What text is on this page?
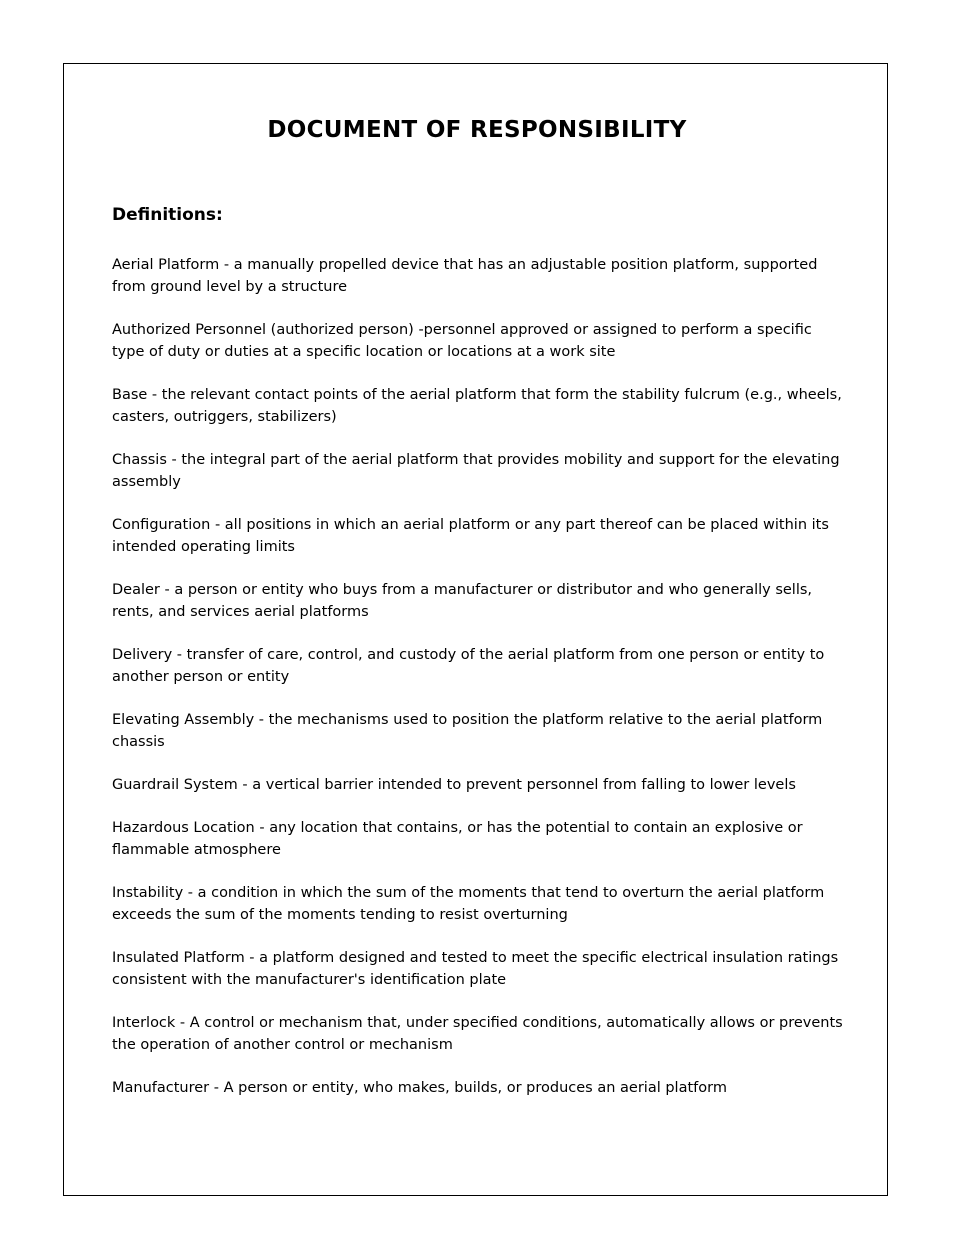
DOCUMENT OF RESPONSIBILITY
Definitions:
Aerial Platform - a manually propelled device that has an adjustable position platform, supported from ground level by a structure
Authorized Personnel (authorized person) -personnel approved or assigned to perform a specific type of duty or duties at a specific location or locations at a work site
Base - the relevant contact points of the aerial platform that form the stability fulcrum (e.g., wheels, casters, outriggers, stabilizers)
Chassis - the integral part of the aerial platform that provides mobility and support for the elevating assembly
Configuration - all positions in which an aerial platform or any part thereof can be placed within its intended operating limits
Dealer - a person or entity who buys from a manufacturer or distributor and who generally sells, rents, and services aerial platforms
Delivery - transfer of care, control, and custody of the aerial platform from one person or entity to another person or entity
Elevating Assembly - the mechanisms used to position the platform relative to the aerial platform chassis
Guardrail System - a vertical barrier intended to prevent personnel from falling to lower levels
Hazardous Location - any location that contains, or has the potential to contain an explosive or flammable atmosphere
Instability - a condition in which the sum of the moments that tend to overturn the aerial platform exceeds the sum of the moments tending to resist overturning
Insulated Platform - a platform designed and tested to meet the specific electrical insulation ratings consistent with the manufacturer's identification plate
Interlock - A control or mechanism that, under specified conditions, automatically allows or prevents the operation of another control or mechanism
Manufacturer - A person or entity, who makes, builds, or produces an aerial platform
